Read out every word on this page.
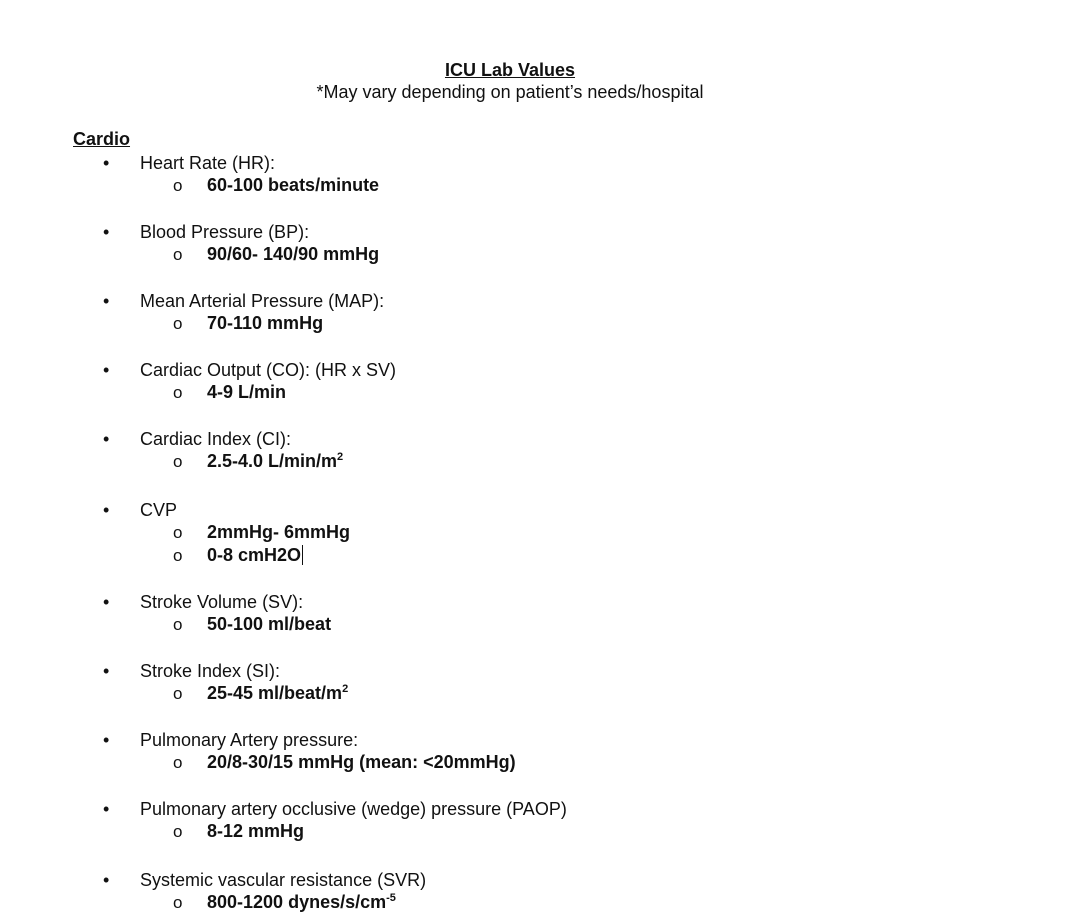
ICU Lab Values
*May vary depending on patient’s needs/hospital
Cardio
•	Heart Rate (HR):
o 60-100 beats/minute
•	Blood Pressure (BP):
o 90/60- 140/90 mmHg
•	Mean Arterial Pressure (MAP):
o 70-110 mmHg
•	Cardiac Output (CO): (HR x SV)
o 4-9 L/min
•	Cardiac Index (CI):
o 2.5-4.0 $L/\min/m^2$
•	CVP
o 2mmHg- 6mmHg
o 0-8 cmH2O
•	Stroke Volume (SV):
o 50-100 ml/beat
•	Stroke Index (SI):
o 25-45 $ml/beat/m^2$
•	Pulmonary Artery pressure:
o 20/8-30/15 mmHg (mean: <20mmHg)
•	Pulmonary artery occlusive (wedge) pressure (PAOP)
o 8-12 mmHg
•	Systemic vascular resistance (SVR)
o 800-1200 dynes/$s/cm^{-5}$
